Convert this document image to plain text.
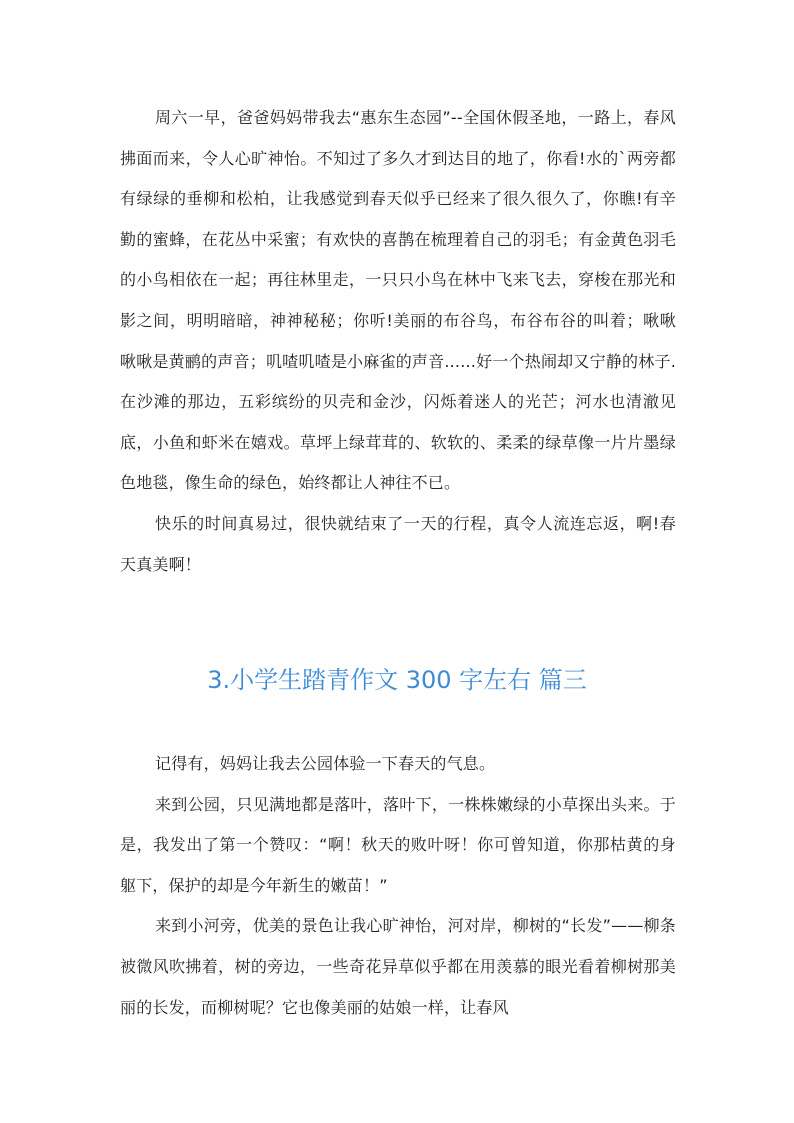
周六一早，爸爸妈妈带我去“惠东生态园”--全国休假圣地，一路上，春风拂面而来，令人心旷神怡。不知过了多久才到达目的地了，你看!水的`两旁都有绿绿的垂柳和松柏，让我感觉到春天似乎已经来了很久很久了，你瞧!有辛勤的蜜蜂，在花丛中采蜜；有欢快的喜鹊在梳理着自己的羽毛；有金黄色羽毛的小鸟相依在一起；再往林里走，一只只小鸟在林中飞来飞去，穿梭在那光和影之间，明明暗暗，神神秘秘；你听!美丽的布谷鸟，布谷布谷的叫着；啾啾啾啾是黄鹂的声音；叽喳叽喳是小麻雀的声音......好一个热闹却又宁静的林子.在沙滩的那边，五彩缤纷的贝壳和金沙，闪烁着迷人的光芒；河水也清澈见底，小鱼和虾米在嬉戏。草坪上绿茸茸的、软软的、柔柔的绿草像一片片墨绿色地毯，像生命的绿色，始终都让人神往不已。

快乐的时间真易过，很快就结束了一天的行程，真令人流连忘返，啊!春天真美啊！

3.小学生踏青作文 300 字左右 篇三

记得有，妈妈让我去公园体验一下春天的气息。

来到公园，只见满地都是落叶，落叶下，一株株嫩绿的小草探出头来。于是，我发出了第一个赞叹：“啊！秋天的败叶呀！你可曾知道，你那枯黄的身躯下，保护的却是今年新生的嫩苗！”

来到小河旁，优美的景色让我心旷神怡，河对岸，柳树的“长发”——柳条被微风吹拂着，树的旁边，一些奇花异草似乎都在用羡慕的眼光看着柳树那美丽的长发，而柳树呢？它也像美丽的姑娘一样，让春风
